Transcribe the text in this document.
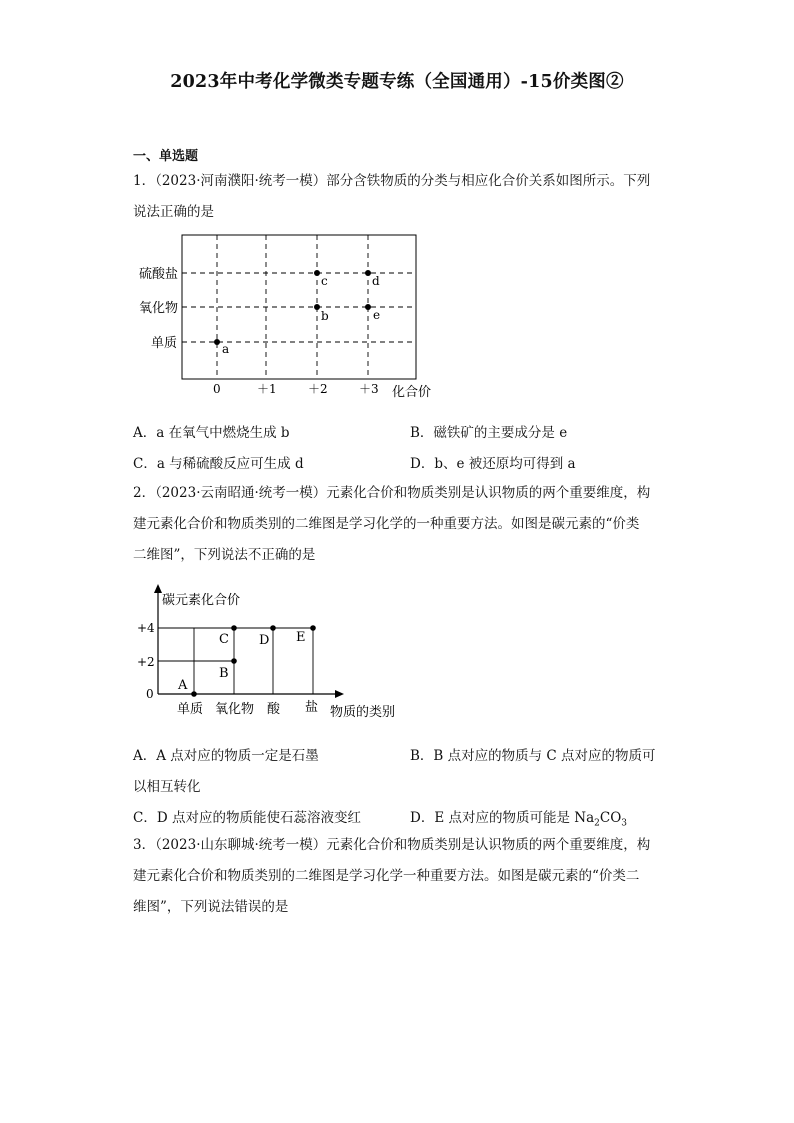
2023年中考化学微类专题专练（全国通用）-15价类图②
一、单选题
1．（2023·河南濮阳·统考一模）部分含铁物质的分类与相应化合价关系如图所示。下列
说法正确的是
硫酸盐
氧化物
单质
0	＋1	＋2	＋3 化合价
a
b
c	d
e
A．a 在氧气中燃烧生成 b	B．磁铁矿的主要成分是 e
C．a 与稀硫酸反应可生成 d	D．b、e 被还原均可得到 a
2．（2023·云南昭通·统考一模）元素化合价和物质类别是认识物质的两个重要维度，构
建元素化合价和物质类别的二维图是学习化学的一种重要方法。如图是碳元素的“价类
二维图”，下列说法不正确的是
碳元素化合价
+4
+2
0
单质 氧化物 酸 盐 物质的类别
A
B
C D E
A．A 点对应的物质一定是石墨	B．B 点对应的物质与 C 点对应的物质可
以相互转化
C．D 点对应的物质能使石蕊溶液变红	D．E 点对应的物质可能是 $Na_2CO_3$
3．（2023·山东聊城·统考一模）元素化合价和物质类别是认识物质的两个重要维度，构
建元素化合价和物质类别的二维图是学习化学一种重要方法。如图是碳元素的“价类二
维图”，下列说法错误的是
